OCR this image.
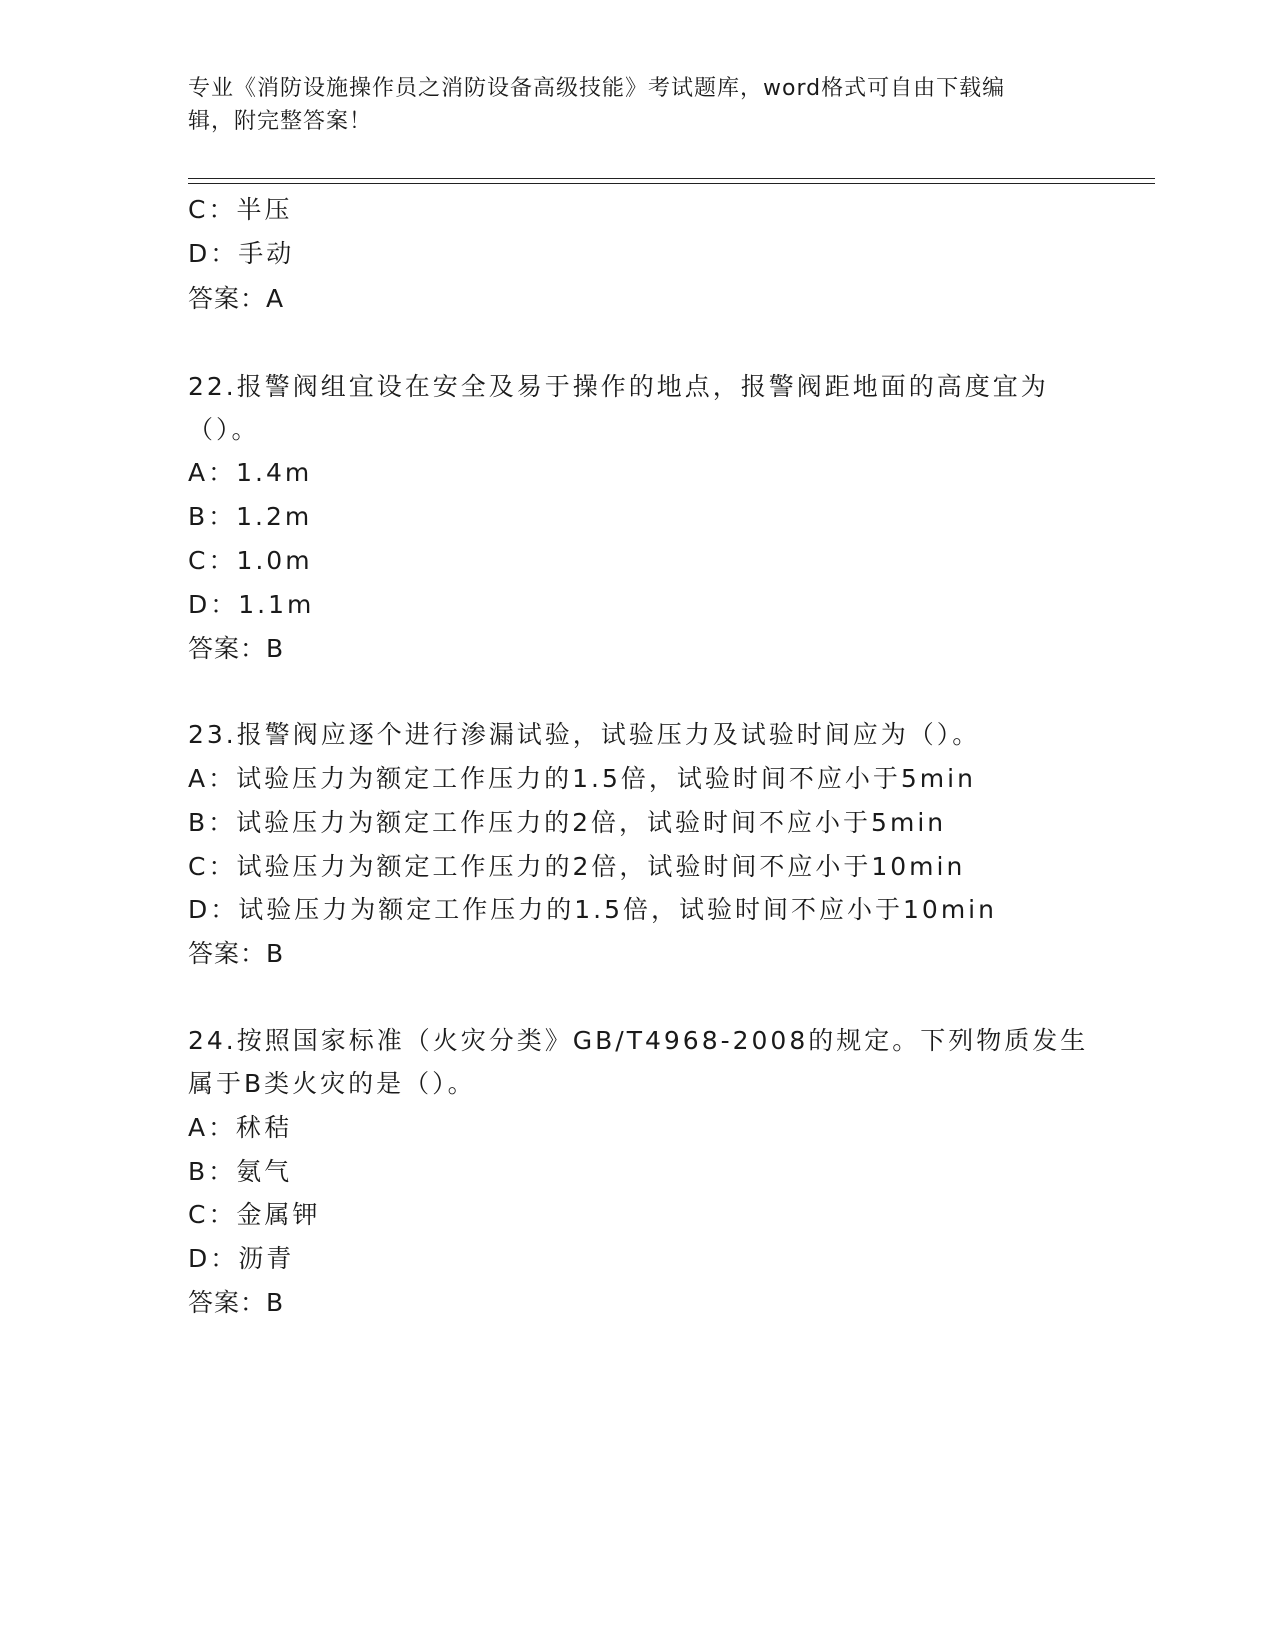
专业《消防设施操作员之消防设备高级技能》考试题库，word格式可自由下载编
辑，附完整答案！
C：半压
D：手动
答案：A
22.报警阀组宜设在安全及易于操作的地点，报警阀距地面的高度宜为
（）。
A：1.4m
B：1.2m
C：1.0m
D：1.1m
答案：B
23.报警阀应逐个进行渗漏试验，试验压力及试验时间应为（）。
A：试验压力为额定工作压力的1.5倍，试验时间不应小于5min
B：试验压力为额定工作压力的2倍，试验时间不应小于5min
C：试验压力为额定工作压力的2倍，试验时间不应小于10min
D：试验压力为额定工作压力的1.5倍，试验时间不应小于10min
答案：B
24.按照国家标准（火灾分类》GB/T4968-2008的规定。下列物质发生
属于B类火灾的是（）。
A：秫秸
B：氨气
C：金属钾
D：沥青
答案：B
